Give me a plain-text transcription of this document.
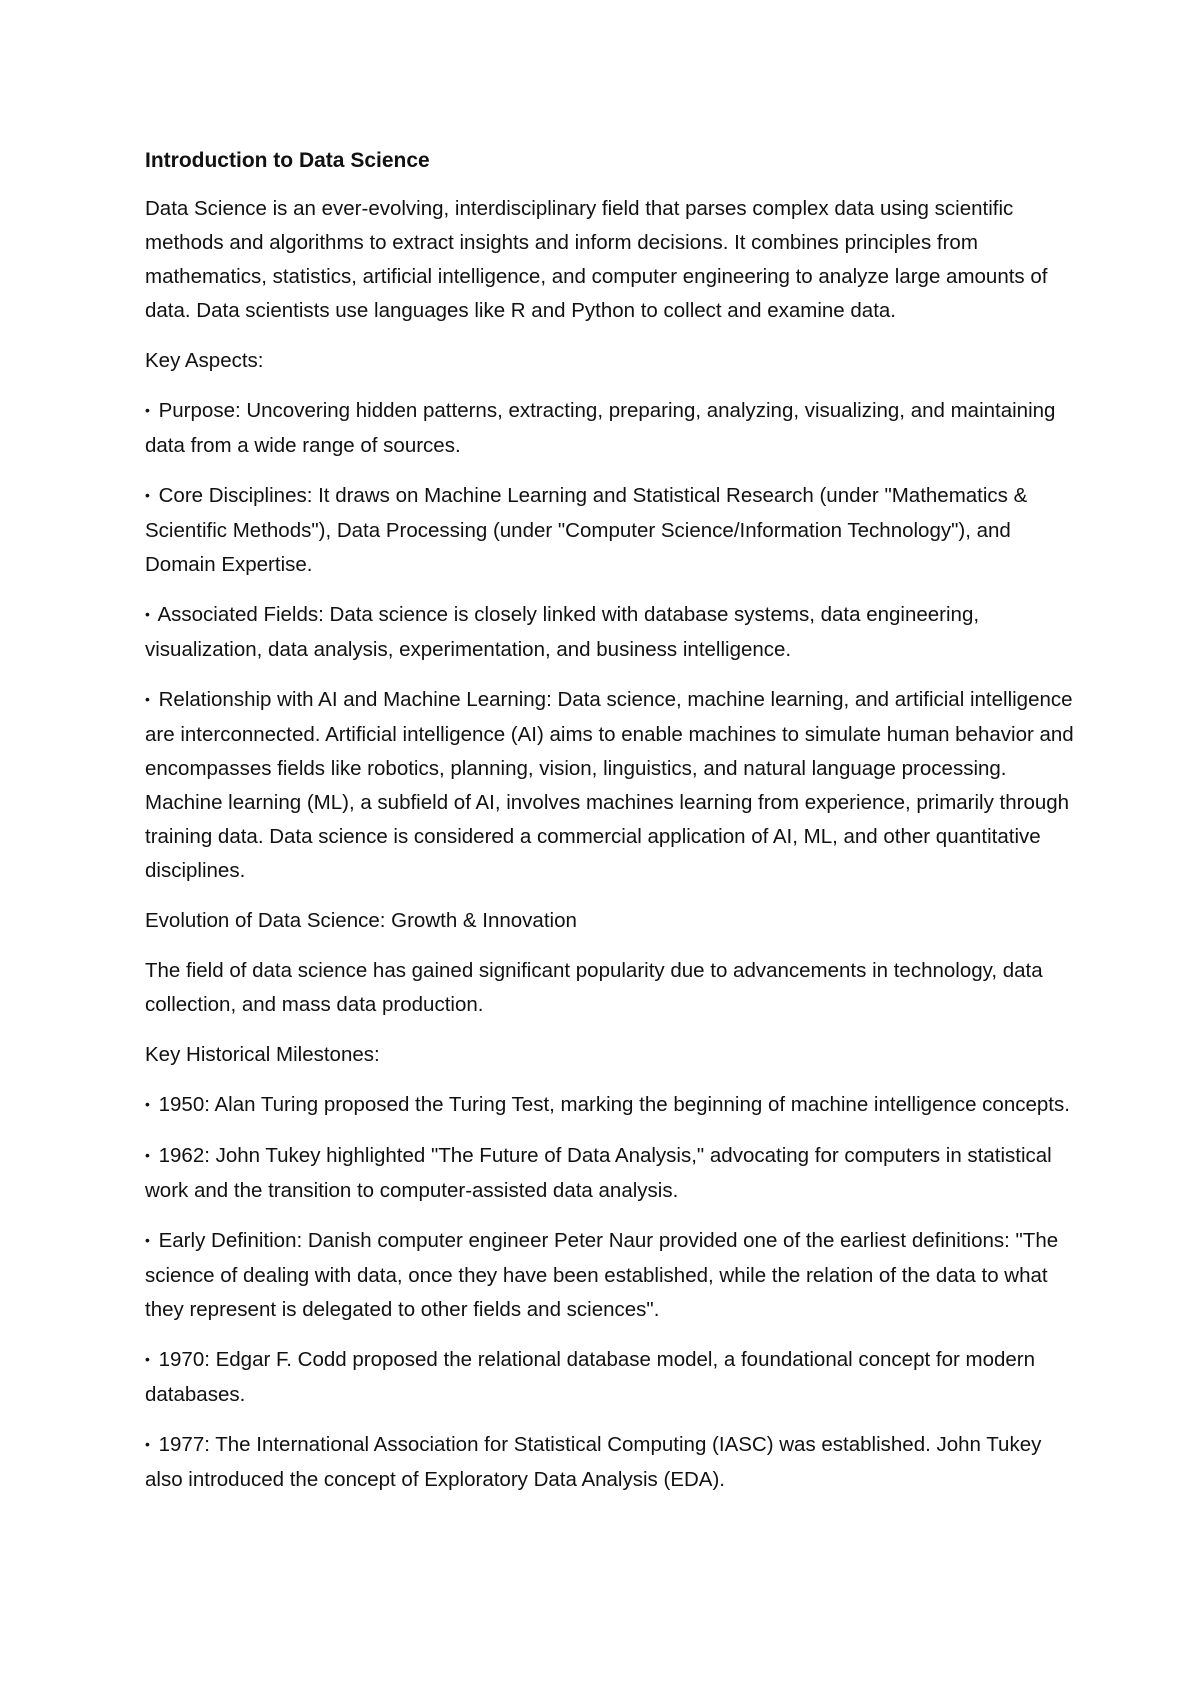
Introduction to Data Science
Data Science is an ever-evolving, interdisciplinary field that parses complex data using scientific methods and algorithms to extract insights and inform decisions. It combines principles from mathematics, statistics, artificial intelligence, and computer engineering to analyze large amounts of data. Data scientists use languages like R and Python to collect and examine data.
Key Aspects:
• Purpose: Uncovering hidden patterns, extracting, preparing, analyzing, visualizing, and maintaining data from a wide range of sources.
• Core Disciplines: It draws on Machine Learning and Statistical Research (under "Mathematics & Scientific Methods"), Data Processing (under "Computer Science/Information Technology"), and Domain Expertise.
• Associated Fields: Data science is closely linked with database systems, data engineering, visualization, data analysis, experimentation, and business intelligence.
• Relationship with AI and Machine Learning: Data science, machine learning, and artificial intelligence are interconnected. Artificial intelligence (AI) aims to enable machines to simulate human behavior and encompasses fields like robotics, planning, vision, linguistics, and natural language processing. Machine learning (ML), a subfield of AI, involves machines learning from experience, primarily through training data. Data science is considered a commercial application of AI, ML, and other quantitative disciplines.
Evolution of Data Science: Growth & Innovation
The field of data science has gained significant popularity due to advancements in technology, data collection, and mass data production.
Key Historical Milestones:
• 1950: Alan Turing proposed the Turing Test, marking the beginning of machine intelligence concepts.
• 1962: John Tukey highlighted "The Future of Data Analysis," advocating for computers in statistical work and the transition to computer-assisted data analysis.
• Early Definition: Danish computer engineer Peter Naur provided one of the earliest definitions: "The science of dealing with data, once they have been established, while the relation of the data to what they represent is delegated to other fields and sciences".
• 1970: Edgar F. Codd proposed the relational database model, a foundational concept for modern databases.
• 1977: The International Association for Statistical Computing (IASC) was established. John Tukey also introduced the concept of Exploratory Data Analysis (EDA).
